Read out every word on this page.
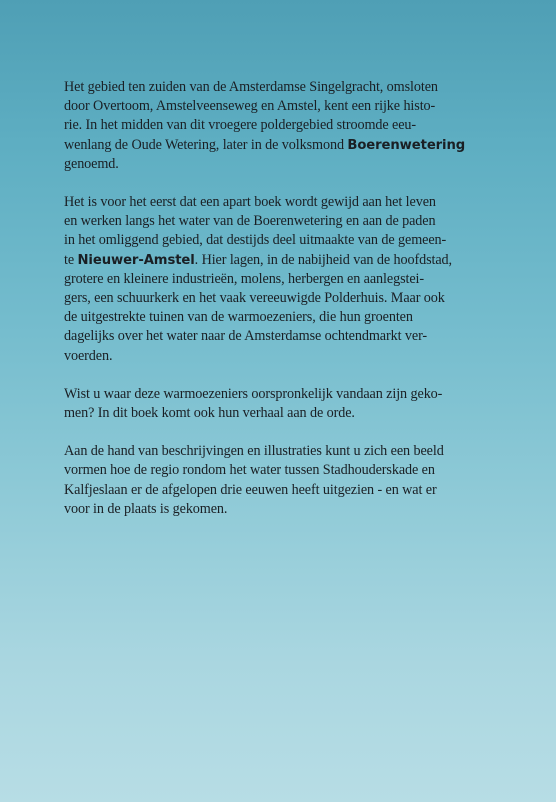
Het gebied ten zuiden van de Amsterdamse Singelgracht, omsloten
door Overtoom, Amstelveenseweg en Amstel, kent een rijke histo-
rie. In het midden van dit vroegere poldergebied stroomde eeu-
wenlang de Oude Wetering, later in de volksmond Boerenwetering
genoemd.

Het is voor het eerst dat een apart boek wordt gewijd aan het leven
en werken langs het water van de Boerenwetering en aan de paden
in het omliggend gebied, dat destijds deel uitmaakte van de gemeen-
te Nieuwer-Amstel. Hier lagen, in de nabijheid van de hoofdstad,
grotere en kleinere industrieën, molens, herbergen en aanlegstei-
gers, een schuurkerk en het vaak vereeuwigde Polderhuis. Maar ook
de uitgestrekte tuinen van de warmoezeniers, die hun groenten
dagelijks over het water naar de Amsterdamse ochtendmarkt ver-
voerden.

Wist u waar deze warmoezeniers oorspronkelijk vandaan zijn geko-
men? In dit boek komt ook hun verhaal aan de orde.

Aan de hand van beschrijvingen en illustraties kunt u zich een beeld
vormen hoe de regio rondom het water tussen Stadhouderskade en
Kalfjeslaan er de afgelopen drie eeuwen heeft uitgezien - en wat er
voor in de plaats is gekomen.
